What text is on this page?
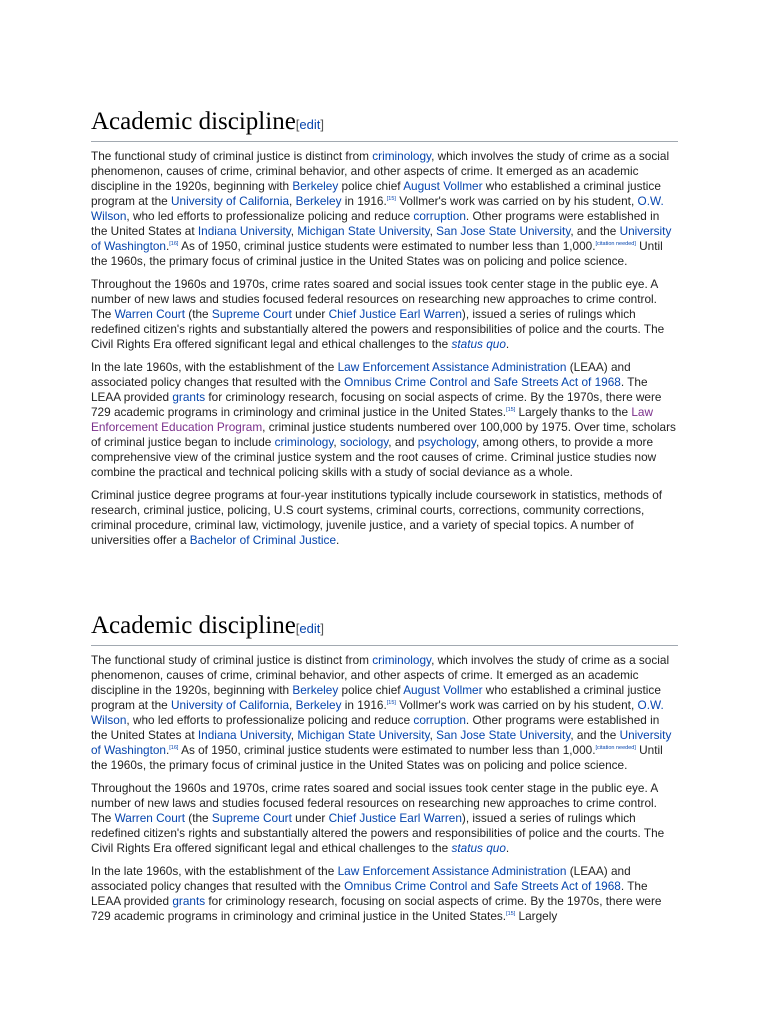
Academic discipline[edit]

The functional study of criminal justice is distinct from criminology, which involves the study of crime as a social phenomenon, causes of crime, criminal behavior, and other aspects of crime. It emerged as an academic discipline in the 1920s, beginning with Berkeley police chief August Vollmer who established a criminal justice program at the University of California, Berkeley in 1916.[15] Vollmer's work was carried on by his student, O.W. Wilson, who led efforts to professionalize policing and reduce corruption. Other programs were established in the United States at Indiana University, Michigan State University, San Jose State University, and the University of Washington.[16] As of 1950, criminal justice students were estimated to number less than 1,000.[citation needed] Until the 1960s, the primary focus of criminal justice in the United States was on policing and police science.

Throughout the 1960s and 1970s, crime rates soared and social issues took center stage in the public eye. A number of new laws and studies focused federal resources on researching new approaches to crime control. The Warren Court (the Supreme Court under Chief Justice Earl Warren), issued a series of rulings which redefined citizen's rights and substantially altered the powers and responsibilities of police and the courts. The Civil Rights Era offered significant legal and ethical challenges to the status quo.

In the late 1960s, with the establishment of the Law Enforcement Assistance Administration (LEAA) and associated policy changes that resulted with the Omnibus Crime Control and Safe Streets Act of 1968. The LEAA provided grants for criminology research, focusing on social aspects of crime. By the 1970s, there were 729 academic programs in criminology and criminal justice in the United States.[15] Largely thanks to the Law Enforcement Education Program, criminal justice students numbered over 100,000 by 1975. Over time, scholars of criminal justice began to include criminology, sociology, and psychology, among others, to provide a more comprehensive view of the criminal justice system and the root causes of crime. Criminal justice studies now combine the practical and technical policing skills with a study of social deviance as a whole.

Criminal justice degree programs at four-year institutions typically include coursework in statistics, methods of research, criminal justice, policing, U.S court systems, criminal courts, corrections, community corrections, criminal procedure, criminal law, victimology, juvenile justice, and a variety of special topics. A number of universities offer a Bachelor of Criminal Justice.

Academic discipline[edit]

The functional study of criminal justice is distinct from criminology, which involves the study of crime as a social phenomenon, causes of crime, criminal behavior, and other aspects of crime. It emerged as an academic discipline in the 1920s, beginning with Berkeley police chief August Vollmer who established a criminal justice program at the University of California, Berkeley in 1916.[15] Vollmer's work was carried on by his student, O.W. Wilson, who led efforts to professionalize policing and reduce corruption. Other programs were established in the United States at Indiana University, Michigan State University, San Jose State University, and the University of Washington.[16] As of 1950, criminal justice students were estimated to number less than 1,000.[citation needed] Until the 1960s, the primary focus of criminal justice in the United States was on policing and police science.

Throughout the 1960s and 1970s, crime rates soared and social issues took center stage in the public eye. A number of new laws and studies focused federal resources on researching new approaches to crime control. The Warren Court (the Supreme Court under Chief Justice Earl Warren), issued a series of rulings which redefined citizen's rights and substantially altered the powers and responsibilities of police and the courts. The Civil Rights Era offered significant legal and ethical challenges to the status quo.

In the late 1960s, with the establishment of the Law Enforcement Assistance Administration (LEAA) and associated policy changes that resulted with the Omnibus Crime Control and Safe Streets Act of 1968. The LEAA provided grants for criminology research, focusing on social aspects of crime. By the 1970s, there were 729 academic programs in criminology and criminal justice in the United States.[15] Largely
